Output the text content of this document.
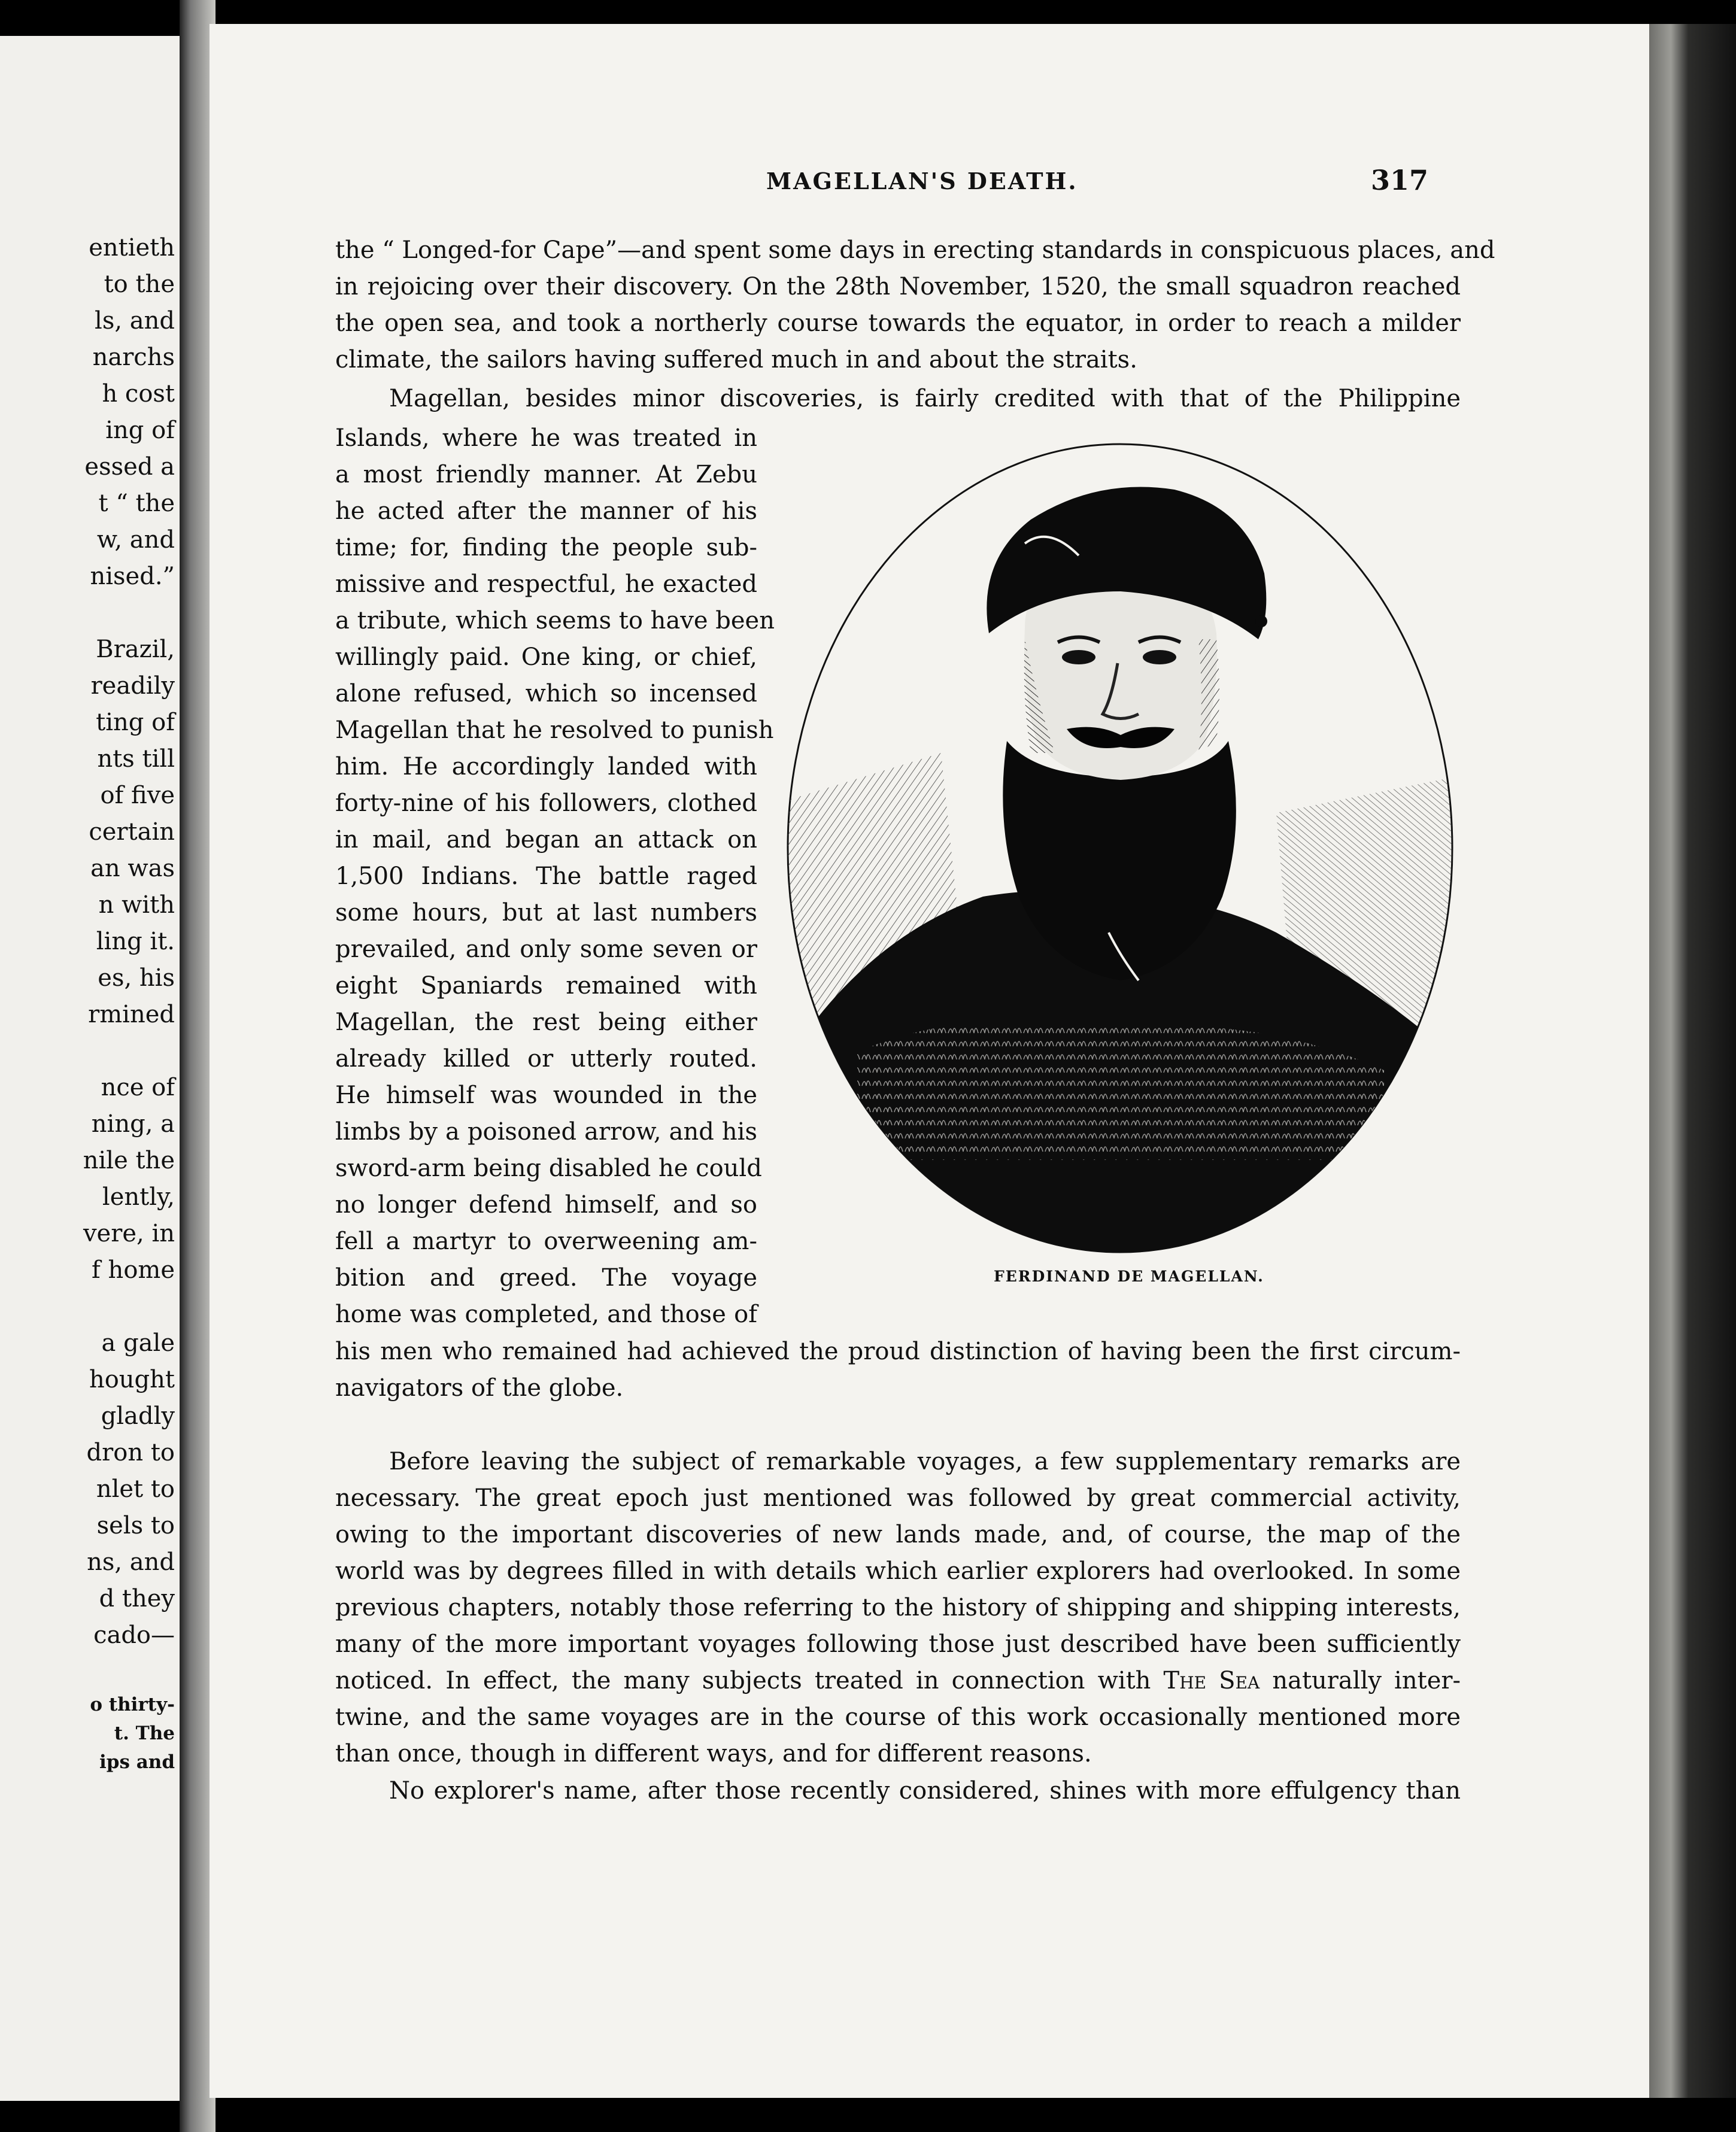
entieth
to the
ls, and
narchs
h cost
ing of
essed a
t “ the
w, and
nised.”
Brazil,
readily
ting of
nts till
of five
certain
an was
n with
ling it.
es, his
rmined
nce of
ning, a
nile the
lently,
vere, in
f home
a gale
hought
gladly
dron to
nlet to
sels to
ns, and
d they
cado—
o thirty-
t. The
ips and
MAGELLAN'S DEATH.	317
the “ Longed-for Cape”—and spent some days in erecting standards in conspicuous places, and
in rejoicing over their discovery. On the 28th November, 1520, the small squadron reached
the open sea, and took a northerly course towards the equator, in order to reach a milder
climate, the sailors having suffered much in and about the straits.
Magellan, besides minor discoveries, is fairly credited with that of the Philippine
Islands, where he was treated in
a most friendly manner. At Zebu
he acted after the manner of his
time; for, finding the people sub-
missive and respectful, he exacted
a tribute, which seems to have been
willingly paid. One king, or chief,
alone refused, which so incensed
Magellan that he resolved to punish
him. He accordingly landed with
forty-nine of his followers, clothed
in mail, and began an attack on
1,500 Indians. The battle raged
some hours, but at last numbers
prevailed, and only some seven or
eight Spaniards remained with
Magellan, the rest being either
already killed or utterly routed.
He himself was wounded in the
limbs by a poisoned arrow, and his
sword-arm being disabled he could
no longer defend himself, and so
fell a martyr to overweening am-
bition and greed. The voyage
home was completed, and those of
FERDINAND DE MAGELLAN.
his men who remained had achieved the proud distinction of having been the first circum-
navigators of the globe.
Before leaving the subject of remarkable voyages, a few supplementary remarks are
necessary. The great epoch just mentioned was followed by great commercial activity,
owing to the important discoveries of new lands made, and, of course, the map of the
world was by degrees filled in with details which earlier explorers had overlooked. In some
previous chapters, notably those referring to the history of shipping and shipping interests,
many of the more important voyages following those just described have been sufficiently
noticed. In effect, the many subjects treated in connection with The Sea naturally inter-
twine, and the same voyages are in the course of this work occasionally mentioned more
than once, though in different ways, and for different reasons.
No explorer's name, after those recently considered, shines with more effulgency than
